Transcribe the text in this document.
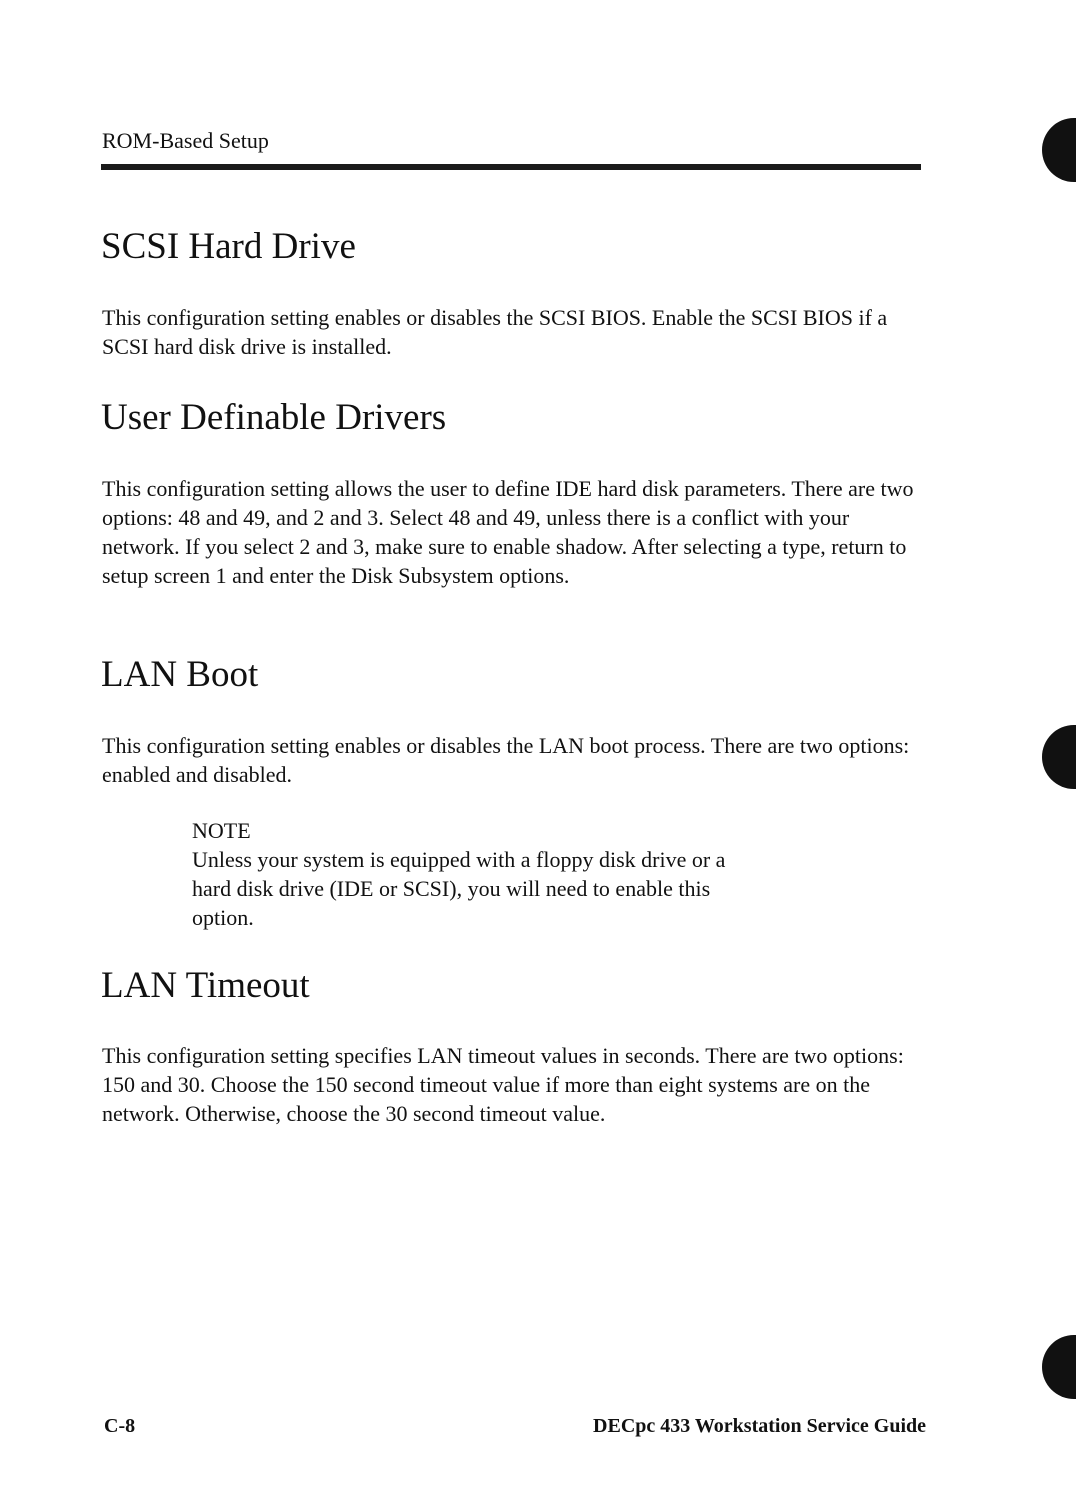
ROM-Based Setup
SCSI Hard Drive

This configuration setting enables or disables the SCSI BIOS. Enable the SCSI BIOS if a SCSI hard disk drive is installed.

User Definable Drivers

This configuration setting allows the user to define IDE hard disk parameters. There are two options: 48 and 49, and 2 and 3. Select 48 and 49, unless there is a conflict with your network. If you select 2 and 3, make sure to enable shadow. After selecting a type, return to setup screen 1 and enter the Disk Subsystem options.

LAN Boot

This configuration setting enables or disables the LAN boot process. There are two options: enabled and disabled.

NOTE
Unless your system is equipped with a floppy disk drive or a hard disk drive (IDE or SCSI), you will need to enable this option.
LAN Timeout

This configuration setting specifies LAN timeout values in seconds. There are two options: 150 and 30. Choose the 150 second timeout value if more than eight systems are on the network. Otherwise, choose the 30 second timeout value.

C-8	DECpc 433 Workstation Service Guide
